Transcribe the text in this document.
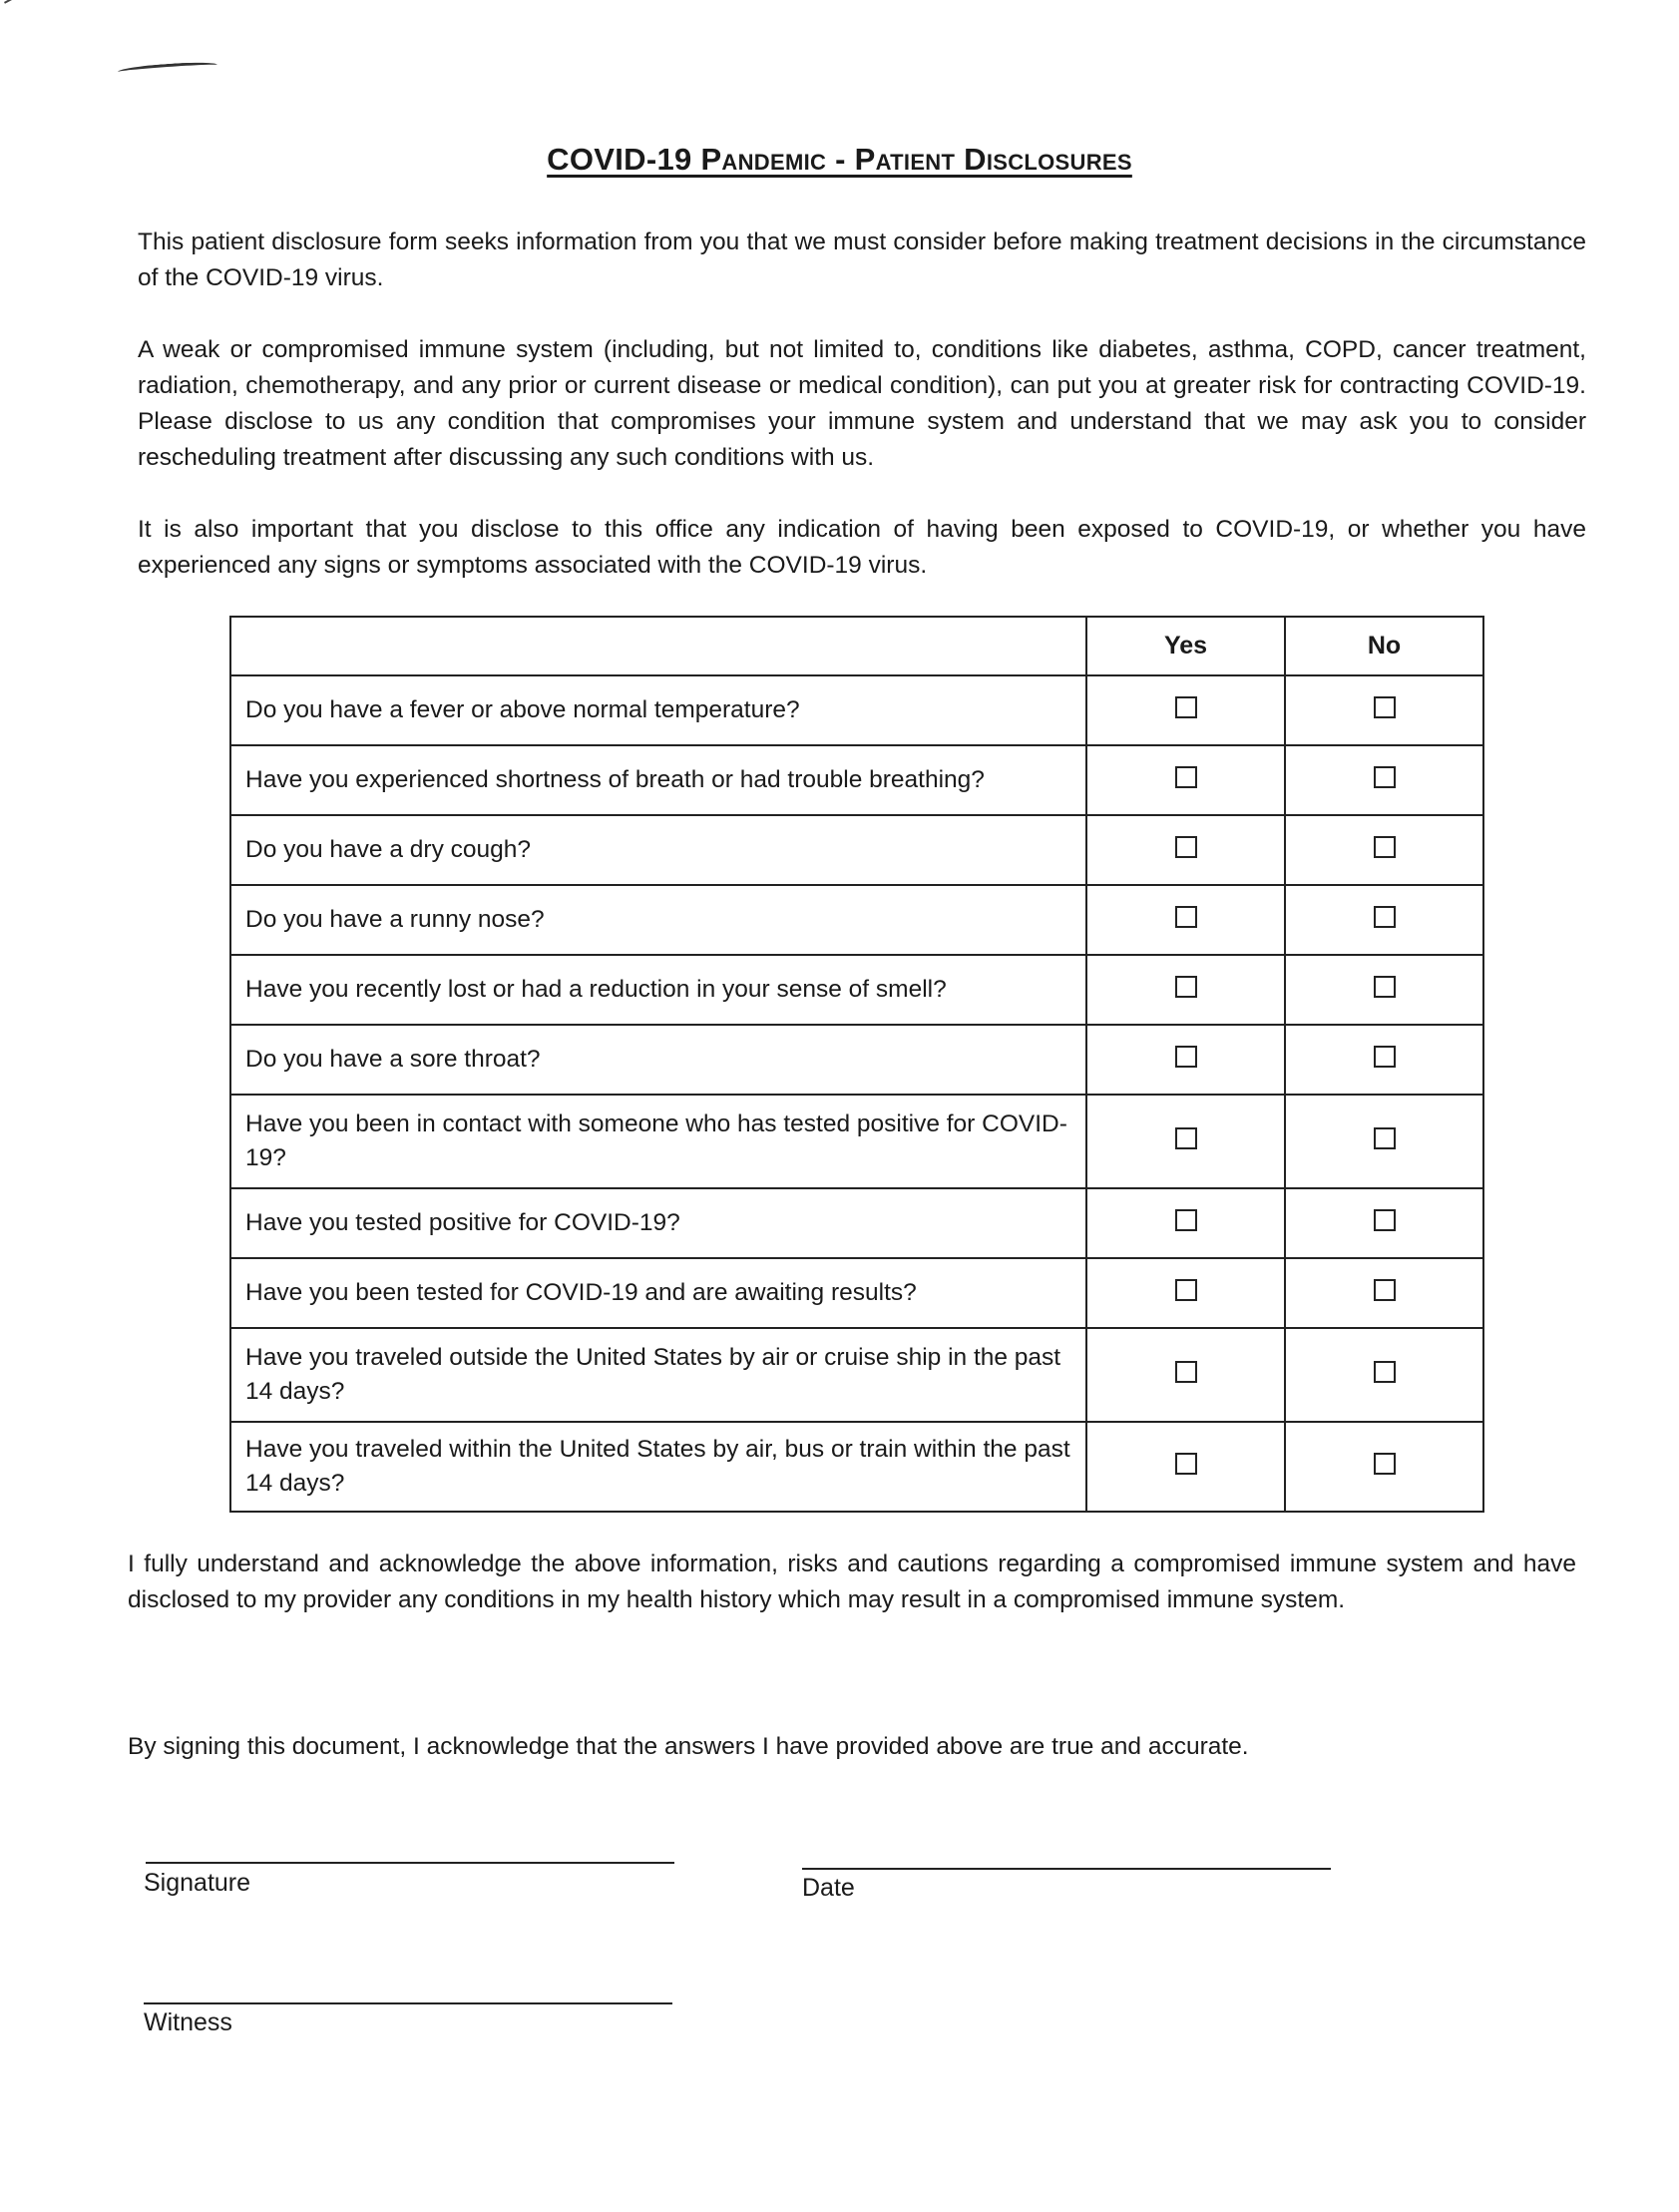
COVID-19 Pandemic - Patient Disclosures

This patient disclosure form seeks information from you that we must consider before making treatment decisions in the circumstance of the COVID-19 virus.

A weak or compromised immune system (including, but not limited to, conditions like diabetes, asthma, COPD, cancer treatment, radiation, chemotherapy, and any prior or current disease or medical condition), can put you at greater risk for contracting COVID-19. Please disclose to us any condition that compromises your immune system and understand that we may ask you to consider rescheduling treatment after discussing any such conditions with us.

It is also important that you disclose to this office any indication of having been exposed to COVID-19, or whether you have experienced any signs or symptoms associated with the COVID-19 virus.

	Yes	No
Do you have a fever or above normal temperature?		
Have you experienced shortness of breath or had trouble breathing?		
Do you have a dry cough?		
Do you have a runny nose?		
Have you recently lost or had a reduction in your sense of smell?		
Do you have a sore throat?		
Have you been in contact with someone who has tested positive for COVID-19?		
Have you tested positive for COVID-19?		
Have you been tested for COVID-19 and are awaiting results?		
Have you traveled outside the United States by air or cruise ship in the past 14 days?		
Have you traveled within the United States by air, bus or train within the past 14 days?		

I fully understand and acknowledge the above information, risks and cautions regarding a compromised immune system and have disclosed to my provider any conditions in my health history which may result in a compromised immune system.

By signing this document, I acknowledge that the answers I have provided above are true and accurate.

Signature	Date
Witness
